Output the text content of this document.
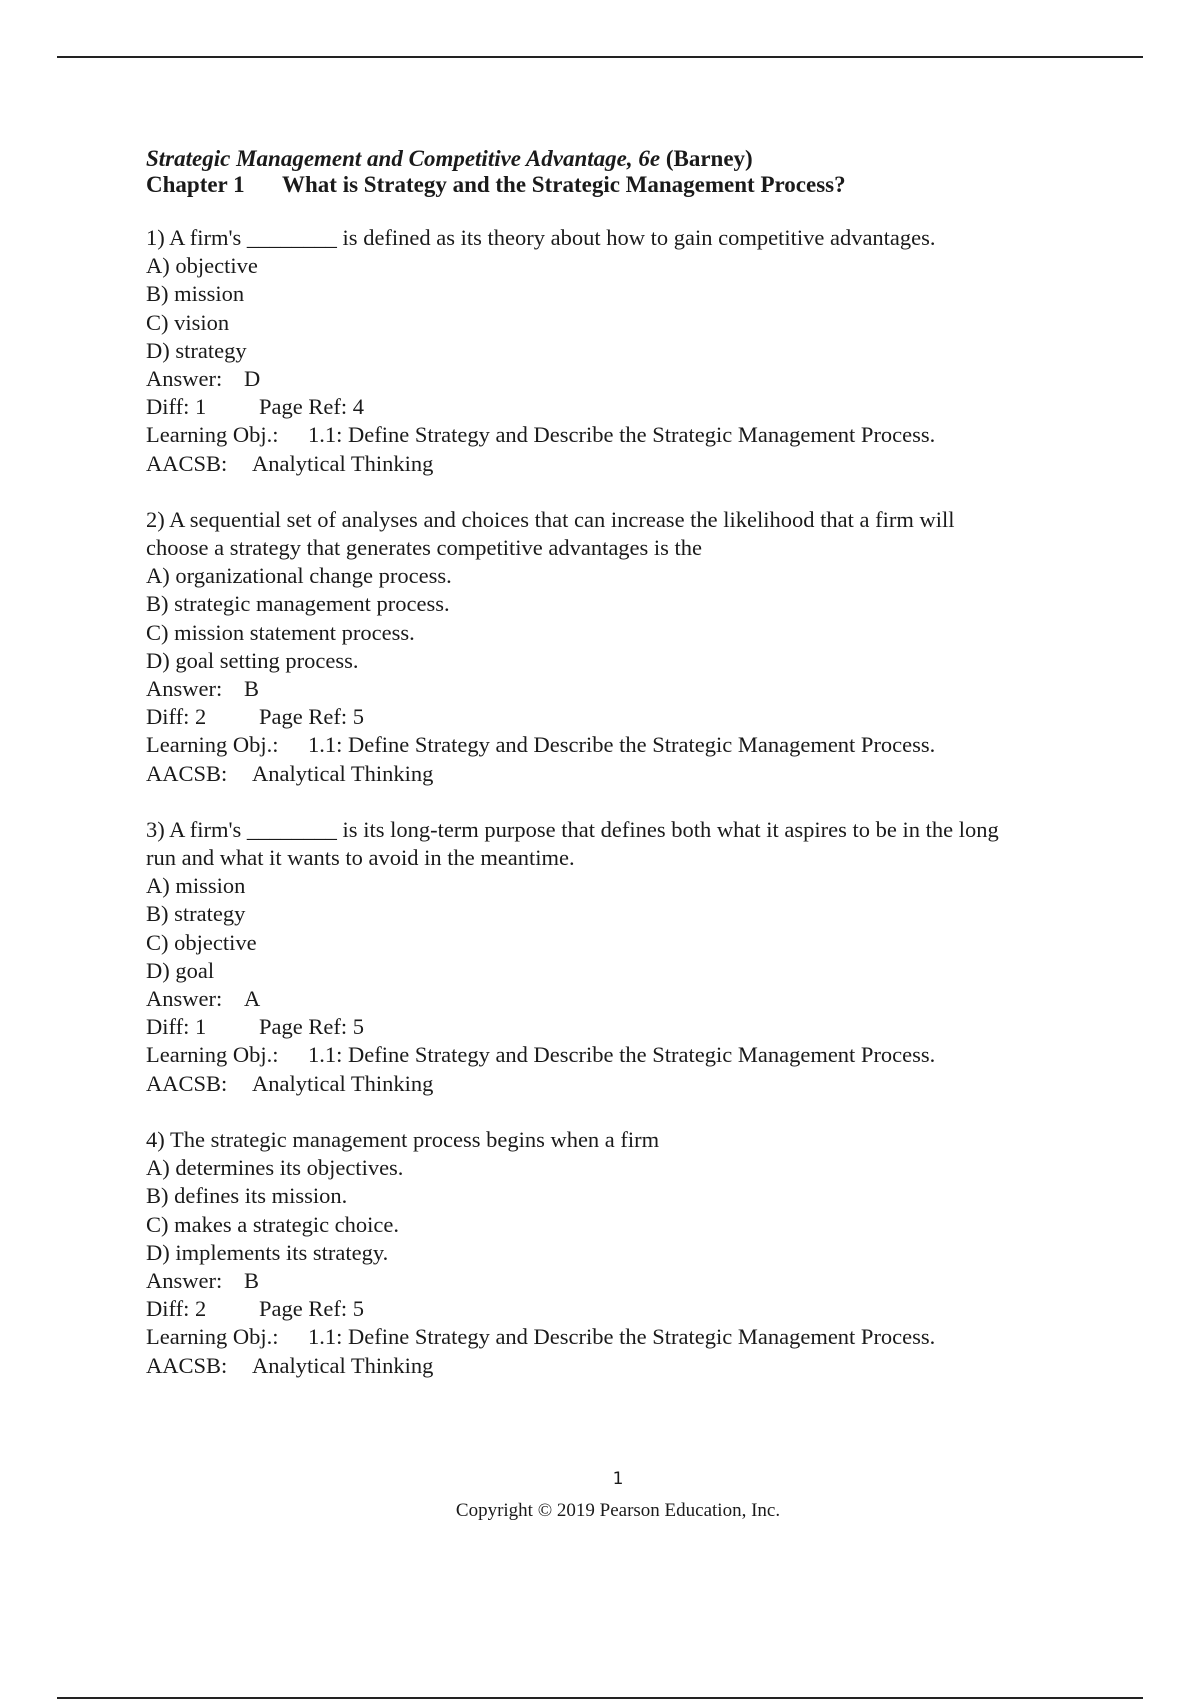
Strategic Management and Competitive Advantage, 6e (Barney)
Chapter 1 What is Strategy and the Strategic Management Process?
1) A firm's ________ is defined as its theory about how to gain competitive advantages.
A) objective
B) mission
C) vision
D) strategy
Answer: D
Diff: 1 Page Ref: 4
Learning Obj.: 1.1: Define Strategy and Describe the Strategic Management Process.
AACSB: Analytical Thinking
2) A sequential set of analyses and choices that can increase the likelihood that a firm will
choose a strategy that generates competitive advantages is the
A) organizational change process.
B) strategic management process.
C) mission statement process.
D) goal setting process.
Answer: B
Diff: 2 Page Ref: 5
Learning Obj.: 1.1: Define Strategy and Describe the Strategic Management Process.
AACSB: Analytical Thinking
3) A firm's ________ is its long-term purpose that defines both what it aspires to be in the long
run and what it wants to avoid in the meantime.
A) mission
B) strategy
C) objective
D) goal
Answer: A
Diff: 1 Page Ref: 5
Learning Obj.: 1.1: Define Strategy and Describe the Strategic Management Process.
AACSB: Analytical Thinking
4) The strategic management process begins when a firm
A) determines its objectives.
B) defines its mission.
C) makes a strategic choice.
D) implements its strategy.
Answer: B
Diff: 2 Page Ref: 5
Learning Obj.: 1.1: Define Strategy and Describe the Strategic Management Process.
AACSB: Analytical Thinking
1
Copyright © 2019 Pearson Education, Inc.
